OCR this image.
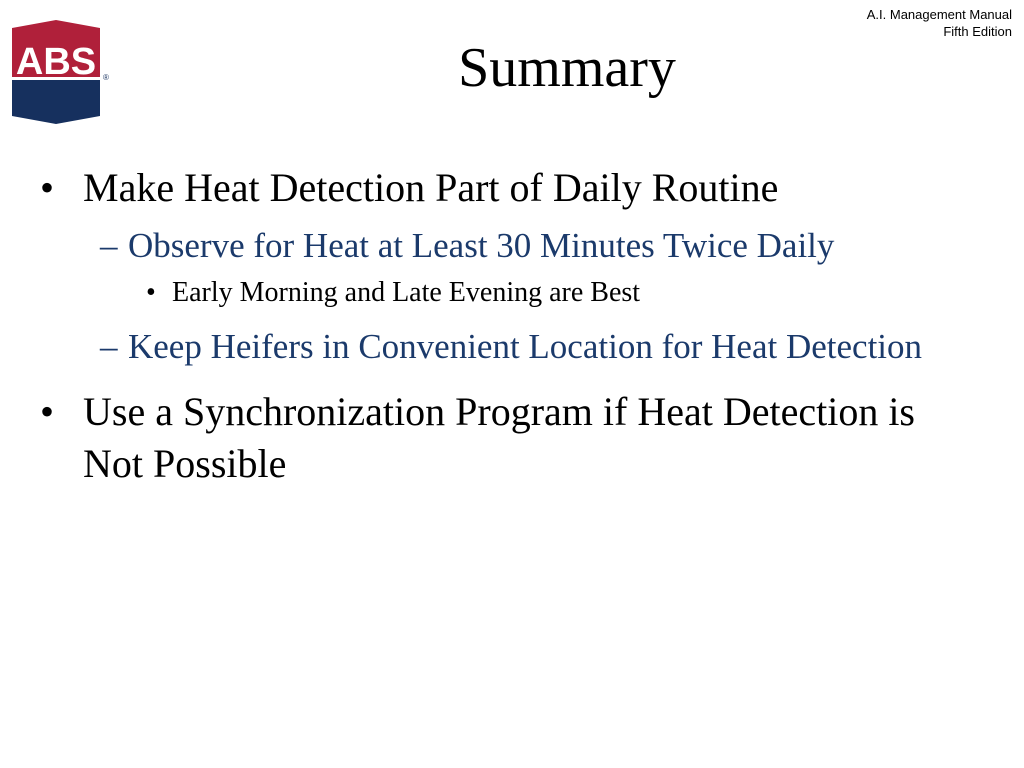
ABS ®
A.I. Management Manual
Fifth Edition
Summary
• Make Heat Detection Part of Daily Routine
– Observe for Heat at Least 30 Minutes Twice Daily
• Early Morning and Late Evening are Best
– Keep Heifers in Convenient Location for Heat Detection
• Use a Synchronization Program if Heat Detection is Not Possible
